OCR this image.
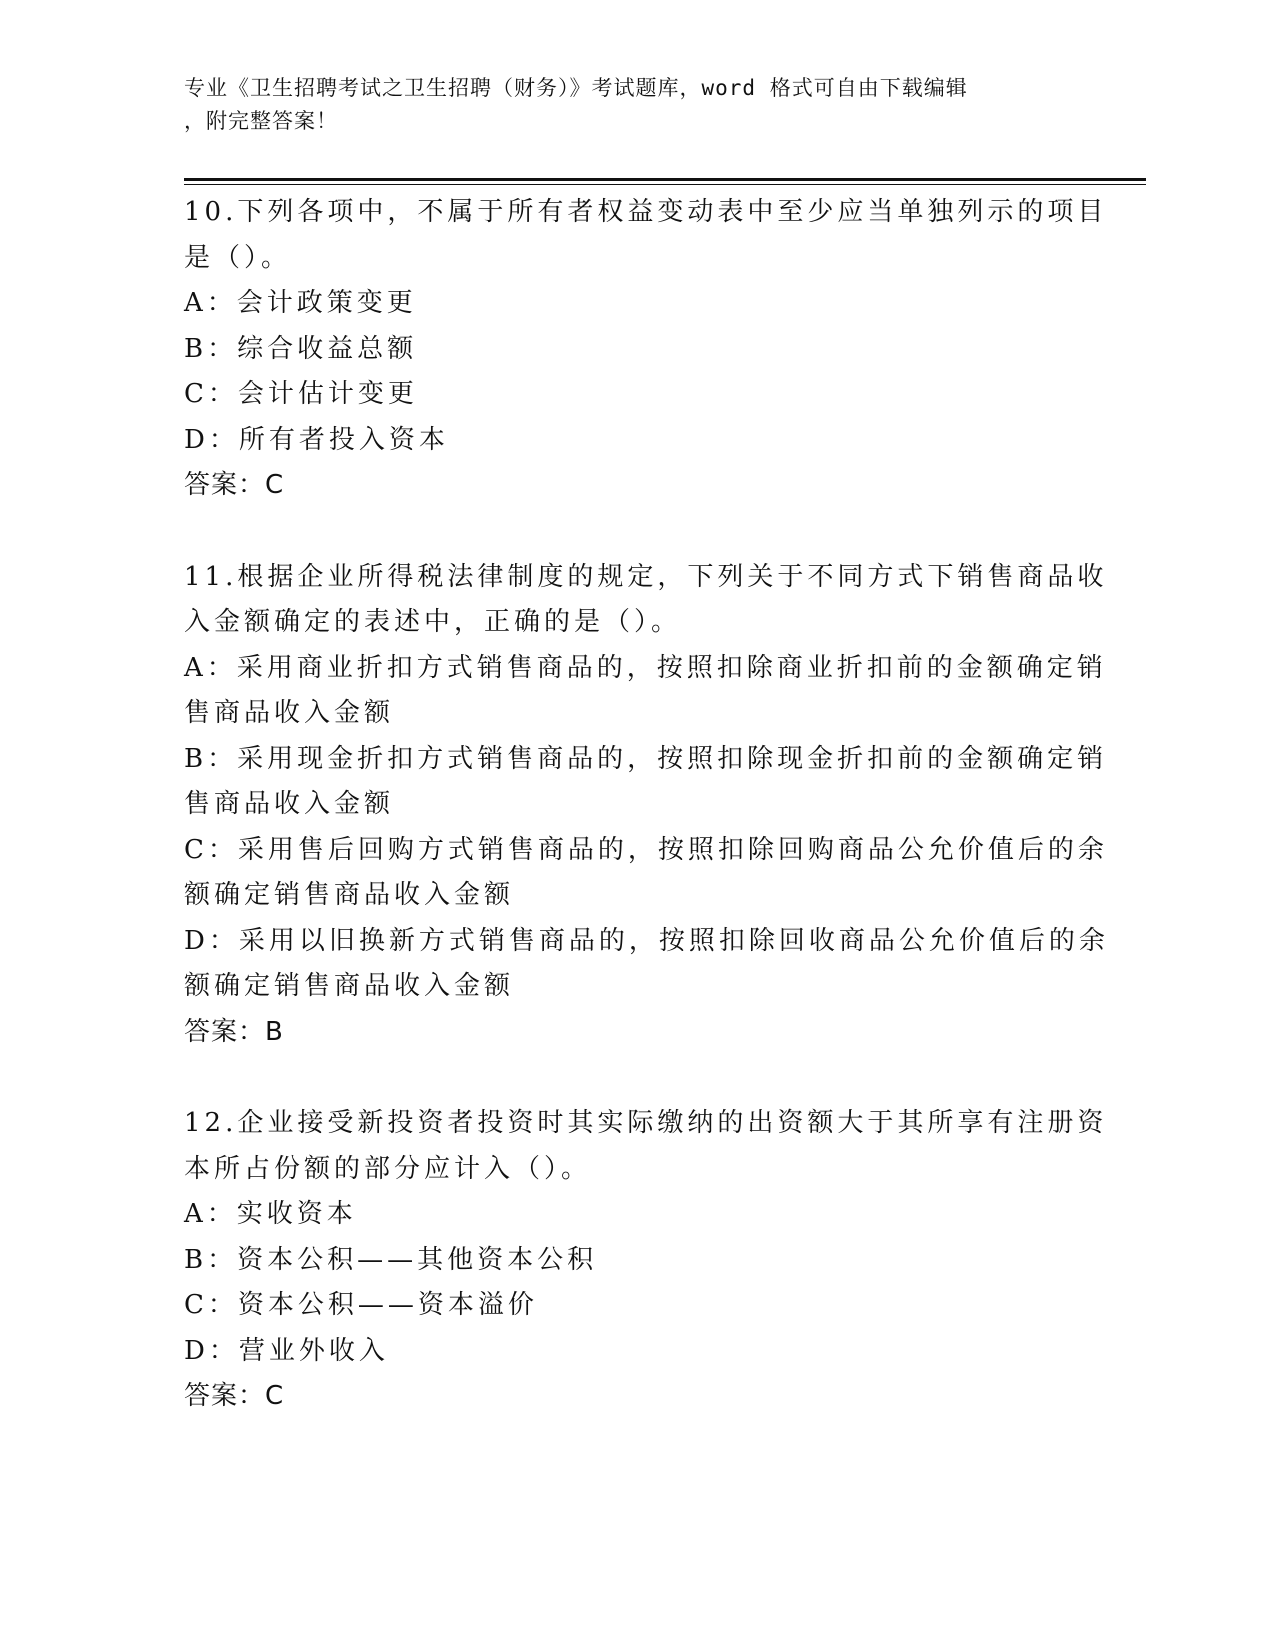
专业《卫生招聘考试之卫生招聘（财务）》考试题库，word 格式可自由下载编辑
，附完整答案！
10.下列各项中，不属于所有者权益变动表中至少应当单独列示的项目
是（）。
A：会计政策变更
B：综合收益总额
C：会计估计变更
D：所有者投入资本
答案：C
11.根据企业所得税法律制度的规定，下列关于不同方式下销售商品收
入金额确定的表述中，正确的是（）。
A：采用商业折扣方式销售商品的，按照扣除商业折扣前的金额确定销
售商品收入金额
B：采用现金折扣方式销售商品的，按照扣除现金折扣前的金额确定销
售商品收入金额
C：采用售后回购方式销售商品的，按照扣除回购商品公允价值后的余
额确定销售商品收入金额
D：采用以旧换新方式销售商品的，按照扣除回收商品公允价值后的余
额确定销售商品收入金额
答案：B
12.企业接受新投资者投资时其实际缴纳的出资额大于其所享有注册资
本所占份额的部分应计入（）。
A：实收资本
B：资本公积——其他资本公积
C：资本公积——资本溢价
D：营业外收入
答案：C
